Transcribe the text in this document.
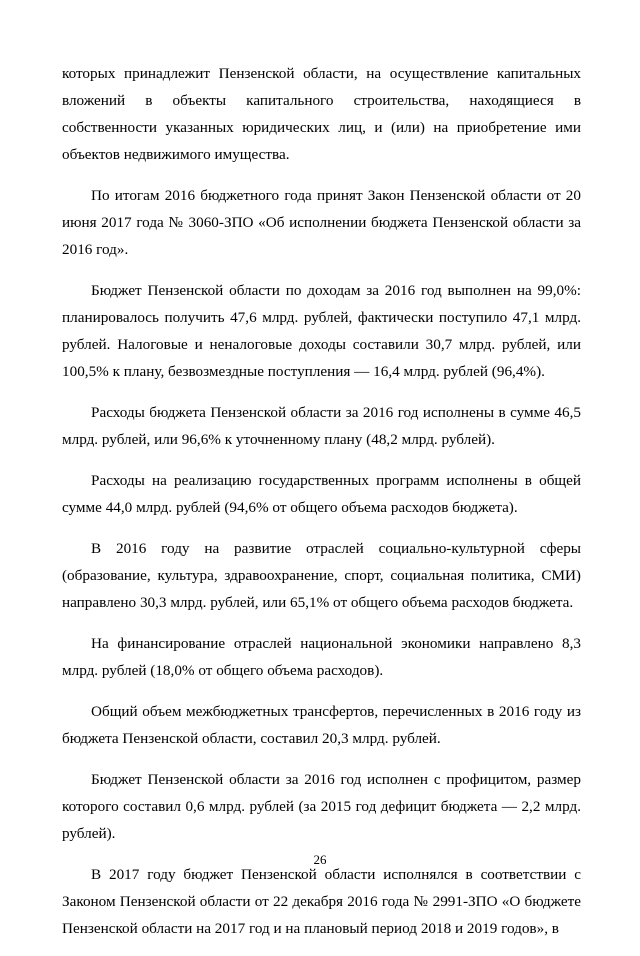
которых принадлежит Пензенской области, на осуществление капитальных вложений в объекты капитального строительства, находящиеся в собственности указанных юридических лиц, и (или) на приобретение ими объектов недвижимого имущества.

По итогам 2016 бюджетного года принят Закон Пензенской области от 20 июня 2017 года № 3060-ЗПО «Об исполнении бюджета Пензенской области за 2016 год».

Бюджет Пензенской области по доходам за 2016 год выполнен на 99,0%: планировалось получить 47,6 млрд. рублей, фактически поступило 47,1 млрд. рублей. Налоговые и неналоговые доходы составили 30,7 млрд. рублей, или 100,5% к плану, безвозмездные поступления — 16,4 млрд. рублей (96,4%).

Расходы бюджета Пензенской области за 2016 год исполнены в сумме 46,5 млрд. рублей, или 96,6% к уточненному плану (48,2 млрд. рублей).

Расходы на реализацию государственных программ исполнены в общей сумме 44,0 млрд. рублей (94,6% от общего объема расходов бюджета).

В 2016 году на развитие отраслей социально-культурной сферы (образование, культура, здравоохранение, спорт, социальная политика, СМИ) направлено 30,3 млрд. рублей, или 65,1% от общего объема расходов бюджета.

На финансирование отраслей национальной экономики направлено 8,3 млрд. рублей (18,0% от общего объема расходов).

Общий объем межбюджетных трансфертов, перечисленных в 2016 году из бюджета Пензенской области, составил 20,3 млрд. рублей.

Бюджет Пензенской области за 2016 год исполнен с профицитом, размер которого составил 0,6 млрд. рублей (за 2015 год дефицит бюджета — 2,2 млрд. рублей).

В 2017 году бюджет Пензенской области исполнялся в соответствии с Законом Пензенской области от 22 декабря 2016 года № 2991-ЗПО «О бюджете Пензенской области на 2017 год и на плановый период 2018 и 2019 годов», в

26
